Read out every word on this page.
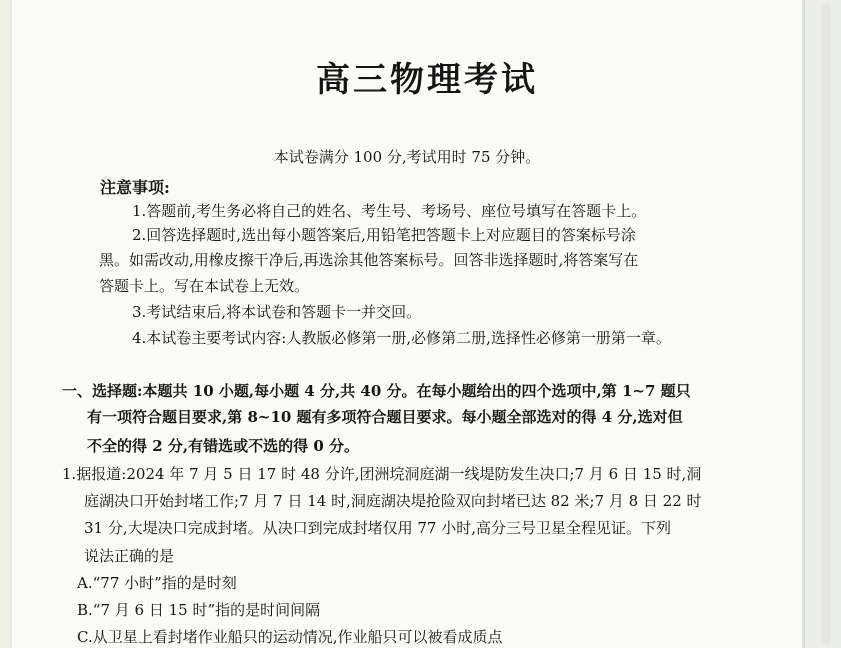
高三物理考试
本试卷满分 100 分,考试用时 75 分钟。
注意事项:
1.答题前,考生务必将自己的姓名、考生号、考场号、座位号填写在答题卡上。
2.回答选择题时,选出每小题答案后,用铅笔把答题卡上对应题目的答案标号涂
黑。如需改动,用橡皮擦干净后,再选涂其他答案标号。回答非选择题时,将答案写在
答题卡上。写在本试卷上无效。
3.考试结束后,将本试卷和答题卡一并交回。
4.本试卷主要考试内容:人教版必修第一册,必修第二册,选择性必修第一册第一章。
一、选择题:本题共 10 小题,每小题 4 分,共 40 分。在每小题给出的四个选项中,第 1~7 题只
有一项符合题目要求,第 8~10 题有多项符合题目要求。每小题全部选对的得 4 分,选对但
不全的得 2 分,有错选或不选的得 0 分。
1.据报道:2024 年 7 月 5 日 17 时 48 分许,团洲垸洞庭湖一线堤防发生决口;7 月 6 日 15 时,洞
庭湖决口开始封堵工作;7 月 7 日 14 时,洞庭湖决堤抢险双向封堵已达 82 米;7 月 8 日 22 时
31 分,大堤决口完成封堵。从决口到完成封堵仅用 77 小时,高分三号卫星全程见证。下列
说法正确的是
A.“77 小时”指的是时刻
B.“7 月 6 日 15 时”指的是时间间隔
C.从卫星上看封堵作业船只的运动情况,作业船只可以被看成质点
